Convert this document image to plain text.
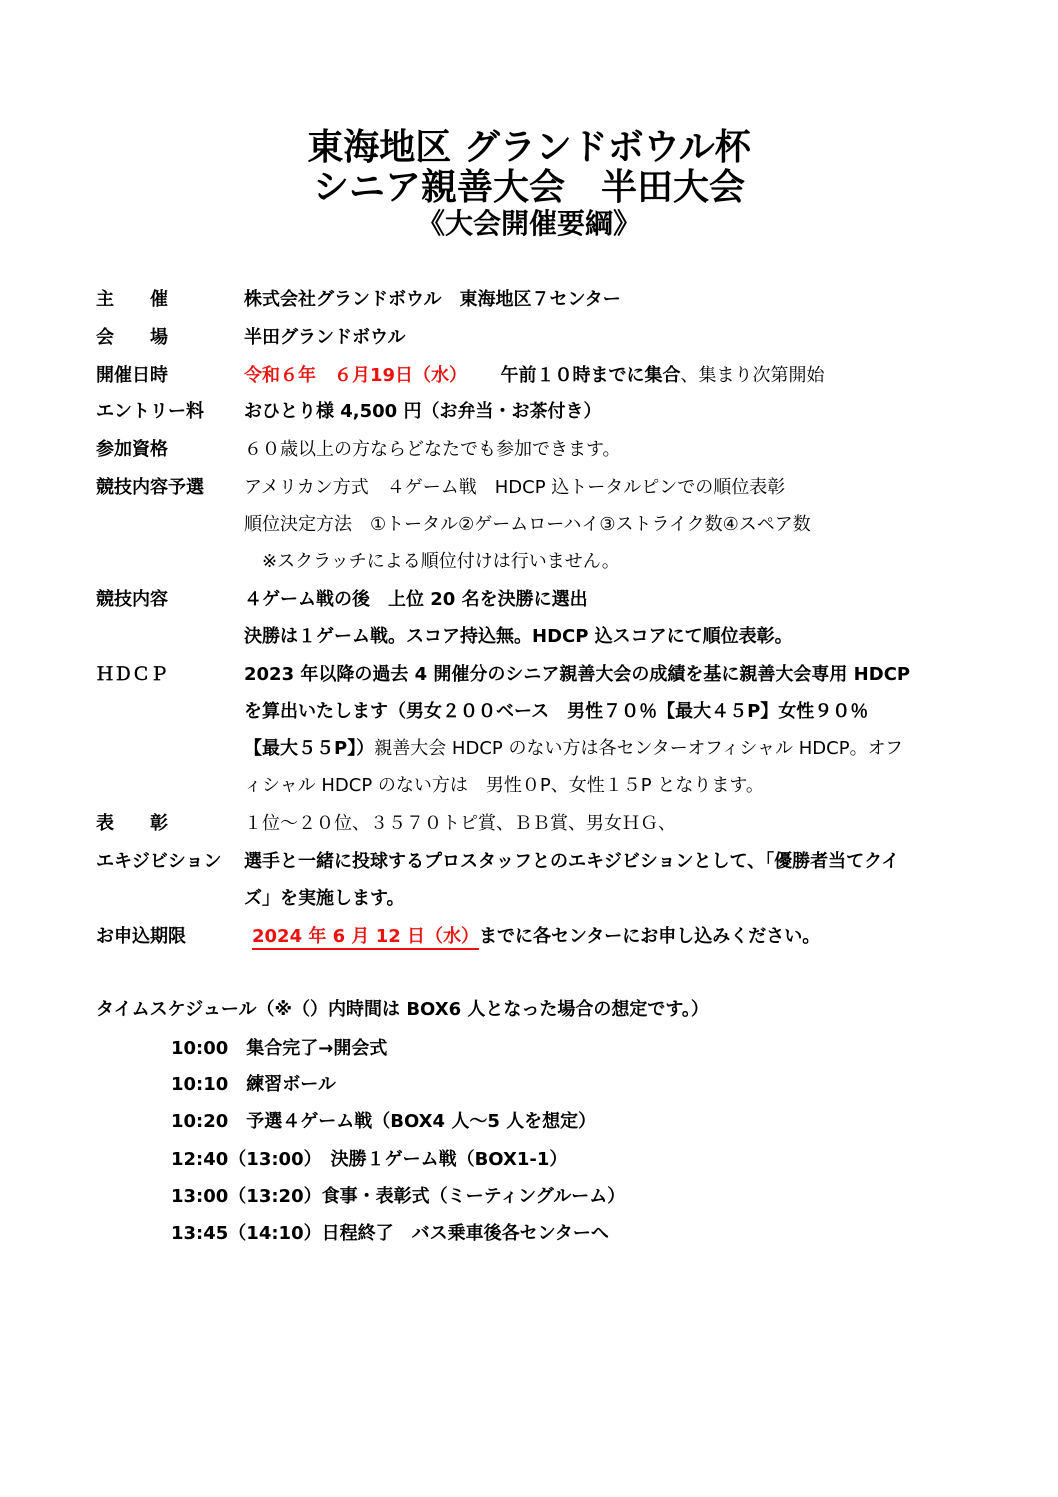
東海地区 グランドボウル杯
シニア親善大会　半田大会
《大会開催要綱》
主　　催	株式会社グランドボウル　東海地区７センター
会　　場	半田グランドボウル
開催日時	令和６年　６月19日（水） 午前１０時までに集合、集まり次第開始
エントリー料 おひとり様 4,500 円（お弁当・お茶付き）
参加資格	６０歳以上の方ならどなたでも参加できます。
競技内容予選 アメリカン方式　４ゲーム戦　HDCP 込トータルピンでの順位表彰
順位決定方法　①トータル②ゲームローハイ③ストライク数④スペア数
※スクラッチによる順位付けは行いません。
競技内容	４ゲーム戦の後　上位 20 名を決勝に選出
決勝は１ゲーム戦。スコア持込無。HDCP 込スコアにて順位表彰。
ＨＤＣＰ	2023 年以降の過去 4 開催分のシニア親善大会の成績を基に親善大会専用 HDCP
を算出いたします（男女２００ベース　男性７０％【最大４５P】女性９０％
【最大５５P】）親善大会 HDCP のない方は各センターオフィシャル HDCP。オフ
ィシャル HDCP のない方は　男性０P、女性１５P となります。
表　　彰	１位～２０位、３５７０トピ賞、ＢＢ賞、男女ＨＧ、
エキジビション 選手と一緒に投球するプロスタッフとのエキジビションとして、「優勝者当てクイ
ズ」を実施します。
お申込期限	2024 年 6 月 12 日（水）までに各センターにお申し込みください。
タイムスケジュール（※（）内時間は BOX6 人となった場合の想定です。）
10:00　集合完了→開会式
10:10　練習ボール
10:20　予選４ゲーム戦（BOX4 人～5 人を想定）
12:40（13:00）　決勝１ゲーム戦（BOX1-1）
13:00（13:20）食事・表彰式（ミーティングルーム）
13:45（14:10）日程終了　バス乗車後各センターへ
